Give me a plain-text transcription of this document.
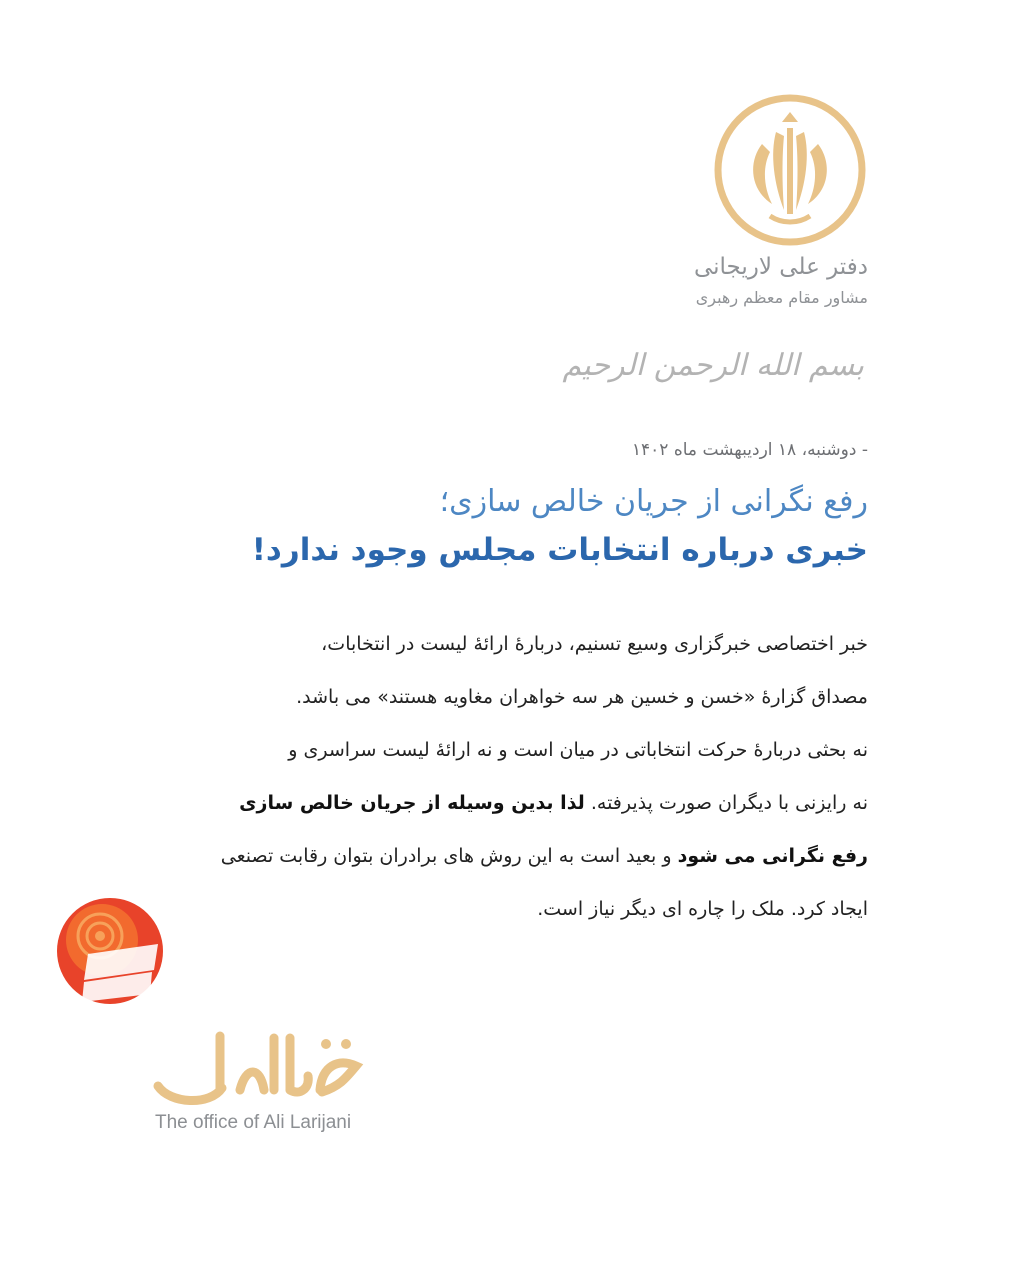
دفتر علی لاریجانی
مشاور مقام معظم رهبری
بسم الله الرحمن الرحیم
- دوشنبه، ۱۸ اردیبهشت ماه ۱۴۰۲
رفع نگرانی از جریان خالص سازی؛
خبری درباره انتخابات مجلس وجود ندارد!
خبر اختصاصی خبرگزاری وسیع تسنیم، دربارهٔ ارائهٔ لیست در انتخابات،
مصداق گزارهٔ «خسن و خسین هر سه خواهران مغاویه هستند» می باشد.
نه بحثی دربارهٔ حرکت انتخاباتی در میان است و نه ارائهٔ لیست سراسری و
نه رایزنی با دیگران صورت پذیرفته. لذا بدین وسیله از جریان خالص سازی
رفع نگرانی می شود و بعید است به این روش های برادران بتوان رقابت تصنعی
ایجاد کرد. ملک را چاره ای دیگر نیاز است.
The office of Ali Larijani
